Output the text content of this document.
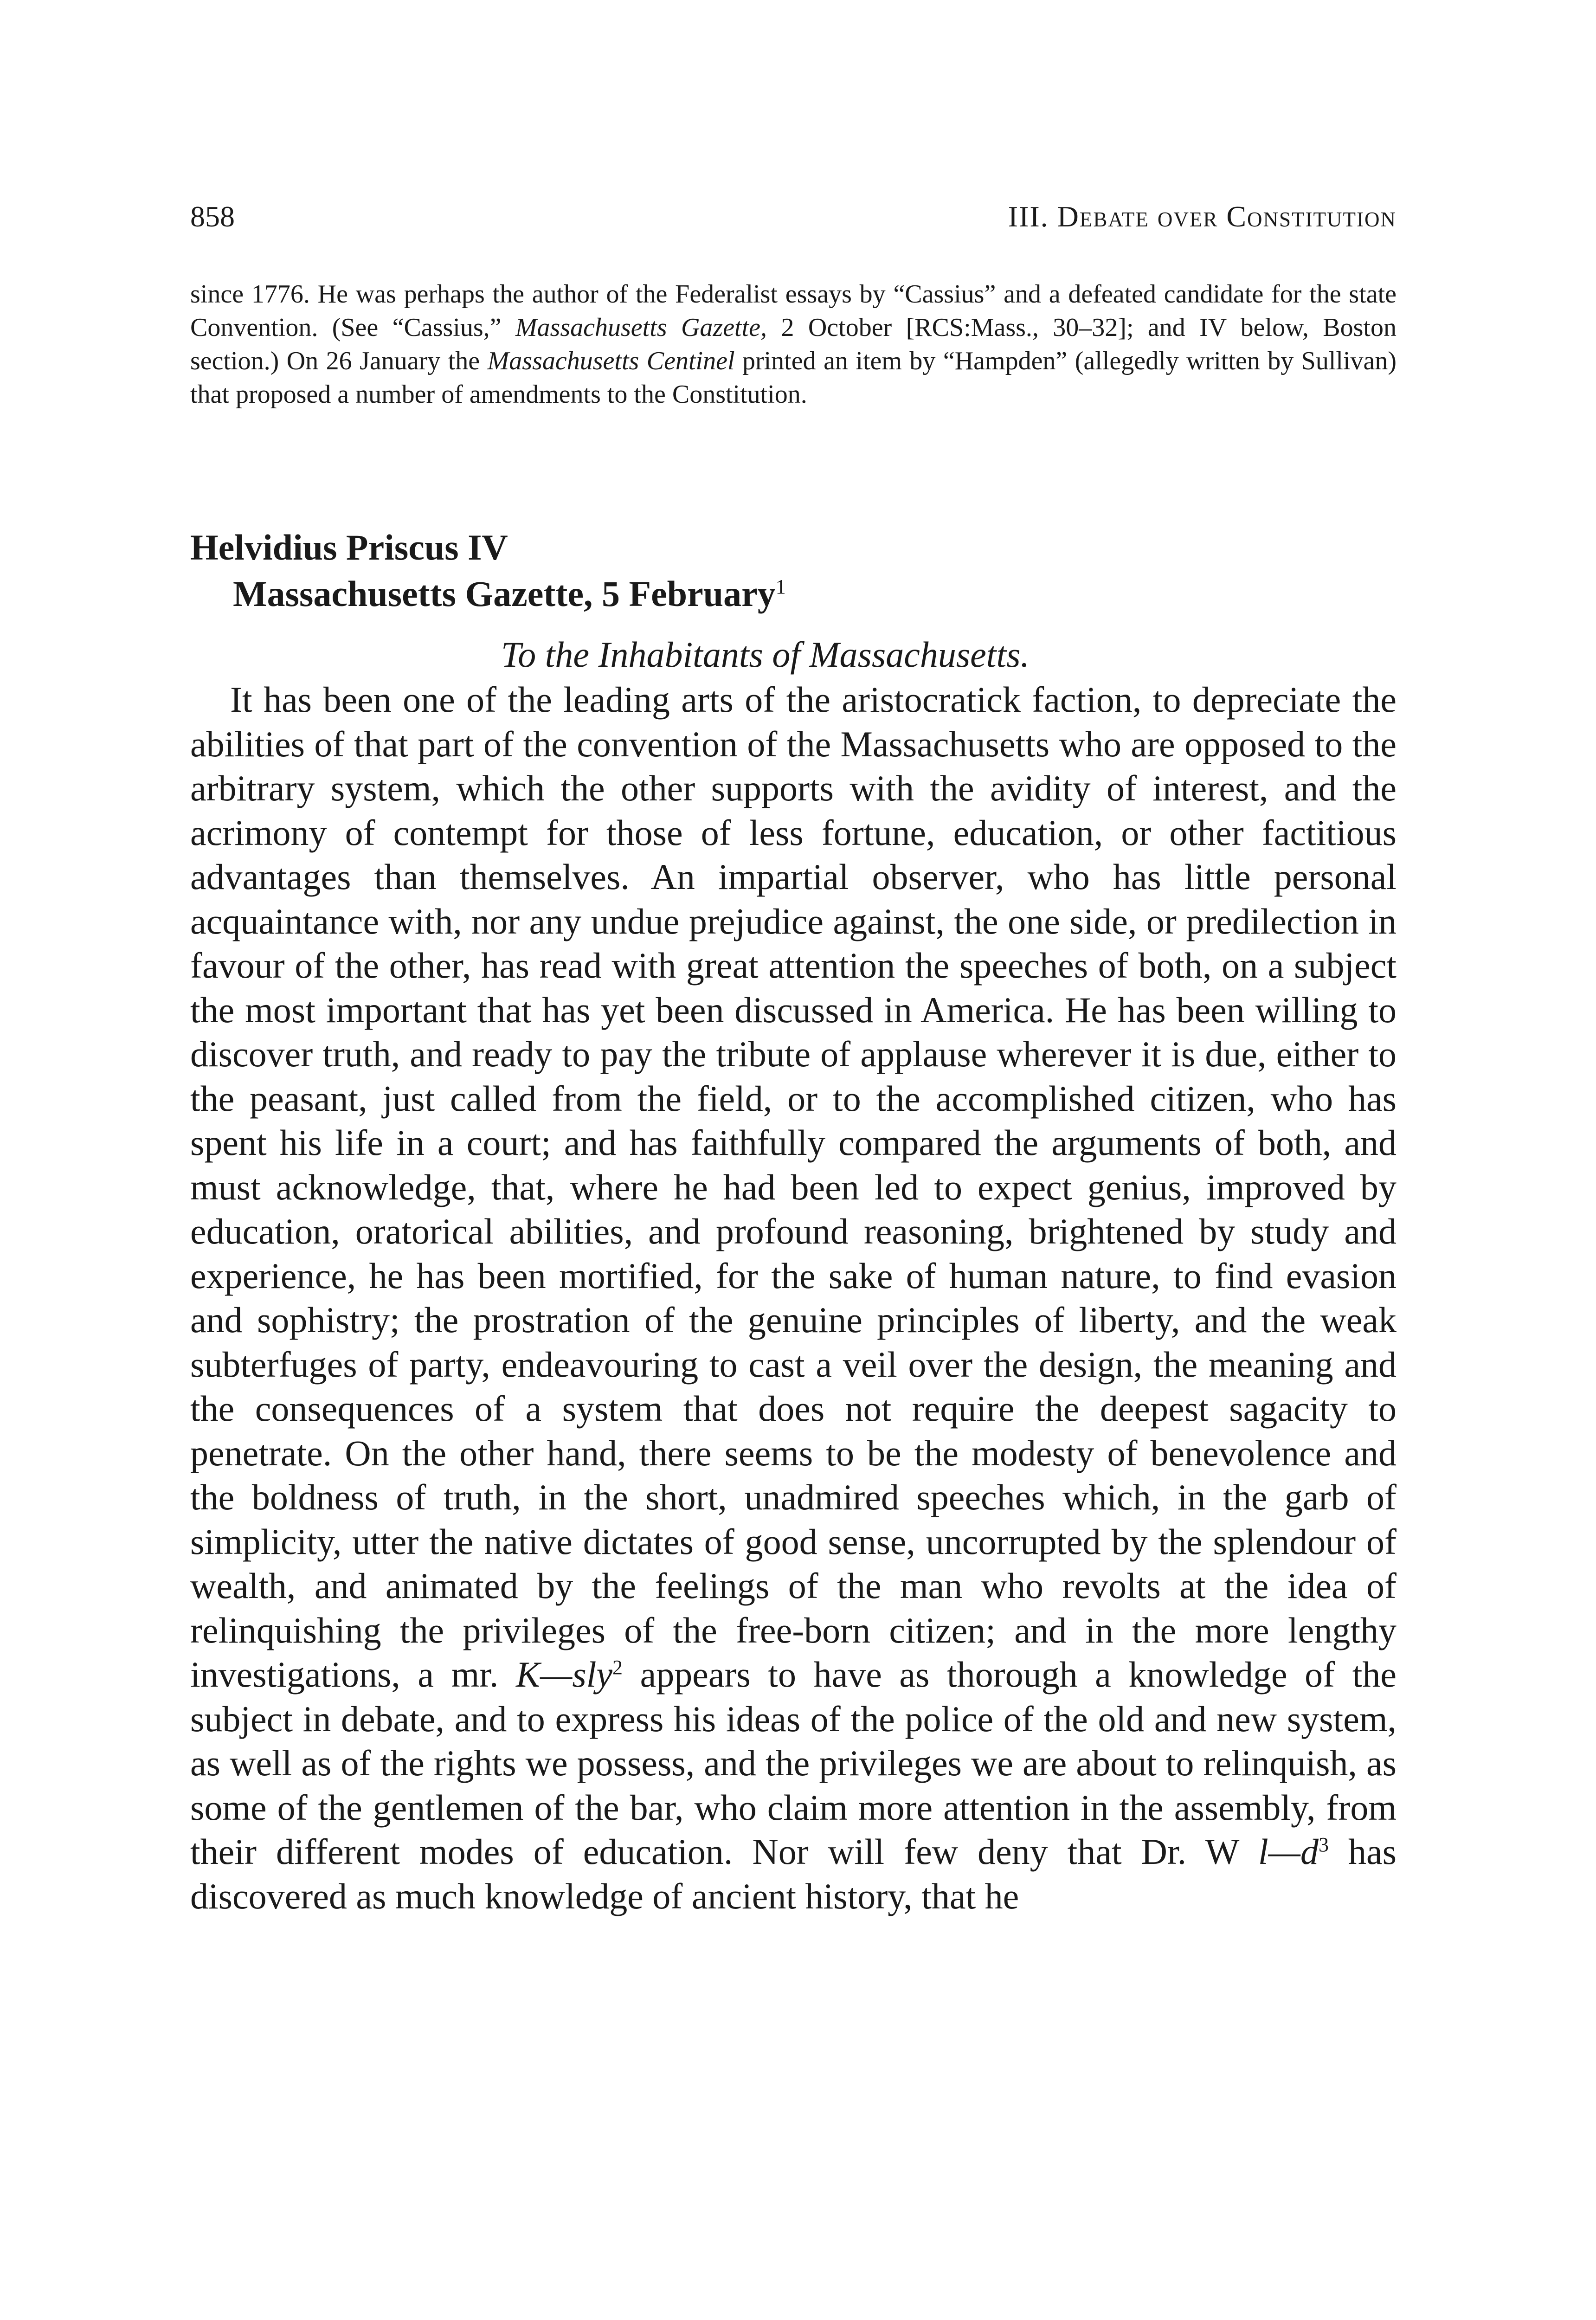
858	III. Debate over Constitution

since 1776. He was perhaps the author of the Federalist essays by “Cassius” and a defeated candidate for the state Convention. (See “Cassius,” Massachusetts Gazette, 2 October [RCS:Mass., 30–32]; and IV below, Boston section.) On 26 January the Massachusetts Centinel printed an item by “Hampden” (allegedly written by Sullivan) that proposed a number of amendments to the Constitution.

Helvidius Priscus IV
Massachusetts Gazette, 5 February$^1$
To the Inhabitants of Massachusetts.

It has been one of the leading arts of the aristocratick faction, to depreciate the abilities of that part of the convention of the Massachusetts who are opposed to the arbitrary system, which the other supports with the avidity of interest, and the acrimony of contempt for those of less fortune, education, or other factitious advantages than themselves. An impartial observer, who has little personal acquaintance with, nor any undue prejudice against, the one side, or predilection in favour of the other, has read with great attention the speeches of both, on a subject the most important that has yet been discussed in America. He has been willing to discover truth, and ready to pay the tribute of applause wherever it is due, either to the peasant, just called from the field, or to the accomplished citizen, who has spent his life in a court; and has faithfully compared the arguments of both, and must acknowledge, that, where he had been led to expect genius, improved by education, oratorical abilities, and profound reasoning, brightened by study and experience, he has been mortified, for the sake of human nature, to find evasion and sophistry; the prostration of the genuine principles of liberty, and the weak subterfuges of party, endeavouring to cast a veil over the design, the meaning and the consequences of a system that does not require the deepest sagacity to penetrate. On the other hand, there seems to be the modesty of benevolence and the boldness of truth, in the short, unadmired speeches which, in the garb of simplicity, utter the native dictates of good sense, uncorrupted by the splendour of wealth, and animated by the feelings of the man who revolts at the idea of relinquishing the privileges of the free-born citizen; and in the more lengthy investigations, a mr. K—sly$^2$ appears to have as thorough a knowledge of the subject in debate, and to express his ideas of the police of the old and new system, as well as of the rights we possess, and the privileges we are about to relinquish, as some of the gentlemen of the bar, who claim more attention in the assembly, from their different modes of education. Nor will few deny that Dr. W $l—d^3$ has discovered as much knowledge of ancient history, that he
